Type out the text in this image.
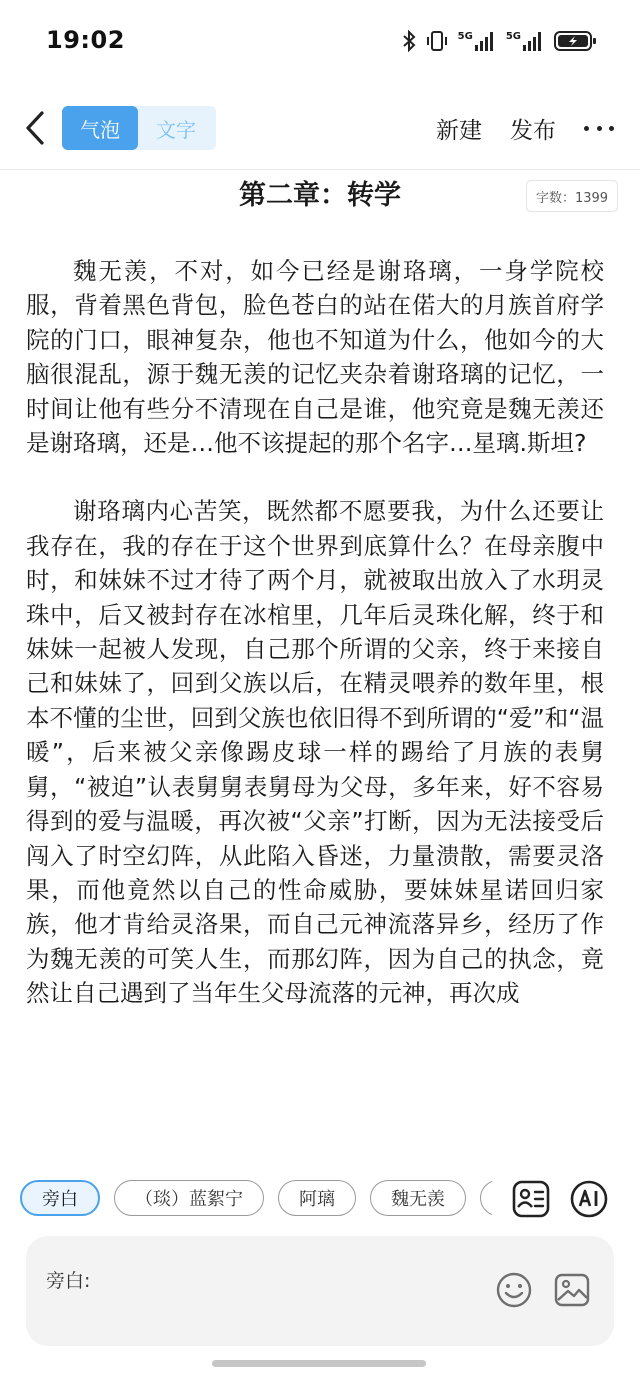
19:02	5G	5G
气泡	文字	新建 发布
第二章：转学	字数：1399

魏无羡，不对，如今已经是谢珞璃，一身学院校服，背着黑色背包，脸色苍白的站在偌大的月族首府学院的门口，眼神复杂，他也不知道为什么，他如今的大脑很混乱，源于魏无羡的记忆夹杂着谢珞璃的记忆，一时间让他有些分不清现在自己是谁，他究竟是魏无羡还是谢珞璃，还是…他不该提起的那个名字…星璃.斯坦?

谢珞璃内心苦笑，既然都不愿要我，为什么还要让我存在，我的存在于这个世界到底算什么？在母亲腹中时，和妹妹不过才待了两个月，就被取出放入了水玥灵珠中，后又被封存在冰棺里，几年后灵珠化解，终于和妹妹一起被人发现，自己那个所谓的父亲，终于来接自己和妹妹了，回到父族以后，在精灵喂养的数年里，根本不懂的尘世，回到父族也依旧得不到所谓的“爱”和“温暖”，后来被父亲像踢皮球一样的踢给了月族的表舅舅，“被迫”认表舅舅表舅母为父母，多年来，好不容易得到的爱与温暖，再次被“父亲”打断，因为无法接受后闯入了时空幻阵，从此陷入昏迷，力量溃散，需要灵洛果，而他竟然以自己的性命威胁，要妹妹星诺回归家族，他才肯给灵洛果，而自己元神流落异乡，经历了作为魏无羡的可笑人生，而那幻阵，因为自己的执念，竟然让自己遇到了当年生父母流落的元神，再次成

旁白	（琰）蓝絮宁	阿璃	魏无羡

旁白:
